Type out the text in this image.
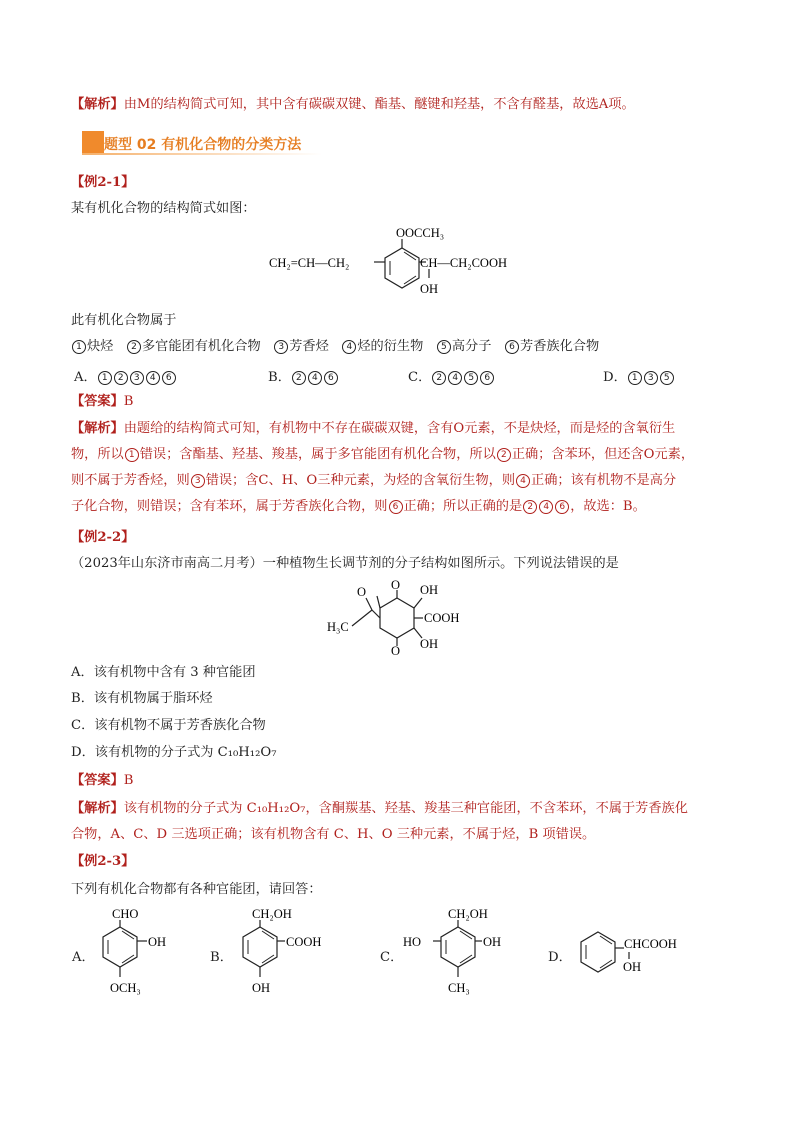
【解析】由M的结构简式可知，其中含有碳碳双键、酯基、醚键和羟基，不含有醛基，故选A项。
题型 02 有机化合物的分类方法
【例2-1】
某有机化合物的结构简式如图：
OOCCH₃
CH₂=CH—CH₂	CH—CH₂COOH
OH
此有机化合物属于
1 炔烃 2 多官能团有机化合物 3 芳香烃 4 烃的衍生物 5 高分子 6 芳香族化合物
A． 1 2 3 4 6	B． 2 4 6	C． 2 4 5 6	D． 1 3 5
【答案】B
【解析】由题给的结构简式可知，有机物中不存在碳碳双键，含有O元素，不是炔烃，而是烃的含氧衍生
物，所以 1 错误；含酯基、羟基、羧基，属于多官能团有机化合物，所以 2 正确；含苯环，但还含O元素，
则不属于芳香烃，则 3 错误；含C、H、O三种元素，为烃的含氧衍生物，则 4 正确；该有机物不是高分
子化合物，则错误；含有苯环，属于芳香族化合物，则 6 正确；所以正确的是 2 4 6 ，故选：B。
【例2-2】
（2023年山东济市南高二月考）一种植物生长调节剂的分子结构如图所示。下列说法错误的是
O O OH
COOH
OH
O
H₃C
A．该有机物中含有 3 种官能团
B．该有机物属于脂环烃
C．该有机物不属于芳香族化合物
D．该有机物的分子式为 C₁₀H₁₂O₇
【答案】B
【解析】该有机物的分子式为 C₁₀H₁₂O₇，含酮羰基、羟基、羧基三种官能团，不含苯环，不属于芳香族化
合物，A、C、D 三选项正确；该有机物含有 C、H、O 三种元素，不属于烃，B 项错误。
【例2-3】
下列有机化合物都有各种官能团，请回答：
A．
CHO
OH
OCH₃
B．
CH₂OH
COOH
OH
C．
CH₂OH
OH
HO
CH₃
D．
CHCOOH
OH
